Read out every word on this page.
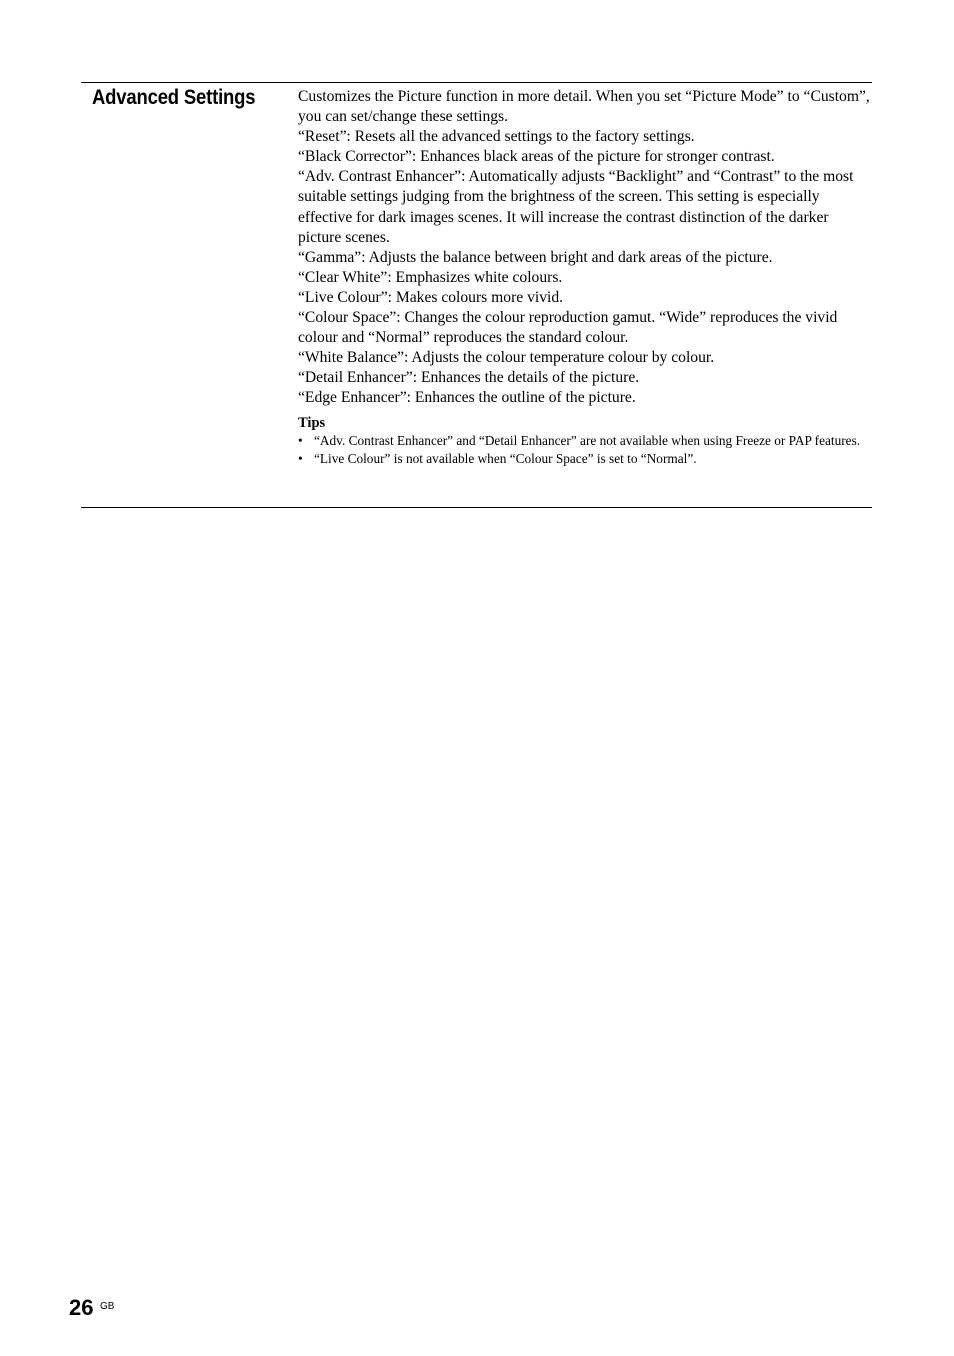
Advanced Settings	Customizes the Picture function in more detail. When you set “Picture Mode” to “Custom”, you can set/change these settings.

“Reset”: Resets all the advanced settings to the factory settings.

“Black Corrector”: Enhances black areas of the picture for stronger contrast.

“Adv. Contrast Enhancer”: Automatically adjusts “Backlight” and “Contrast” to the most suitable settings judging from the brightness of the screen. This setting is especially effective for dark images scenes. It will increase the contrast distinction of the darker picture scenes.

“Gamma”: Adjusts the balance between bright and dark areas of the picture.

“Clear White”: Emphasizes white colours.

“Live Colour”: Makes colours more vivid.

“Colour Space”: Changes the colour reproduction gamut. “Wide” reproduces the vivid colour and “Normal” reproduces the standard colour.

“White Balance”: Adjusts the colour temperature colour by colour.

“Detail Enhancer”: Enhances the details of the picture.

“Edge Enhancer”: Enhances the outline of the picture.

Tips
• “Adv. Contrast Enhancer” and “Detail Enhancer” are not available when using Freeze or PAP features.
• “Live Colour” is not available when “Colour Space” is set to “Normal”.
26 GB
